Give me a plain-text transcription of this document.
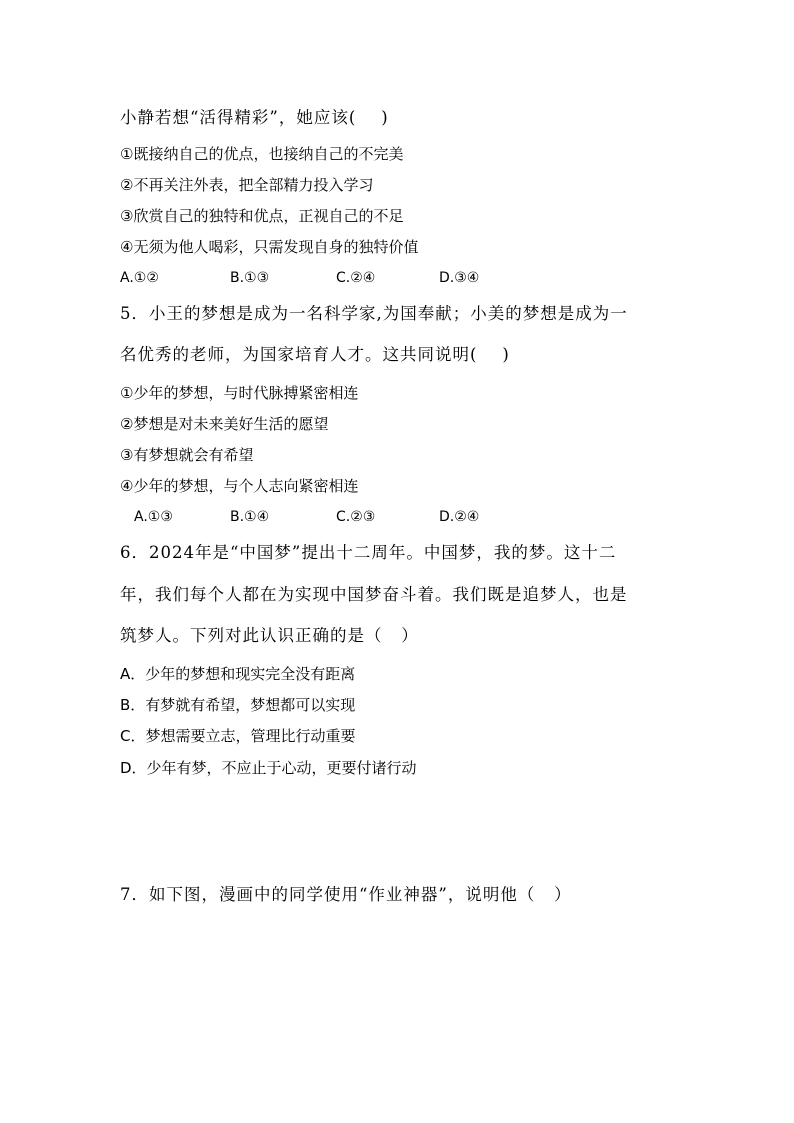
小静若想“活得精彩”，她应该(    )
①既接纳自己的优点，也接纳自己的不完美
②不再关注外表，把全部精力投入学习
③欣赏自己的独特和优点，正视自己的不足
④无须为他人喝彩，只需发现自身的独特价值
A.①②	B.①③	C.②④	D.③④
5．小王的梦想是成为一名科学家,为国奉献；小美的梦想是成为一
名优秀的老师，为国家培育人才。这共同说明(    )
①少年的梦想，与时代脉搏紧密相连
②梦想是对未来美好生活的愿望
③有梦想就会有希望
④少年的梦想，与个人志向紧密相连
A.①③	B.①④	C.②③	D.②④
6．2024年是“中国梦”提出十二周年。中国梦，我的梦。这十二
年，我们每个人都在为实现中国梦奋斗着。我们既是追梦人，也是
筑梦人。下列对此认识正确的是（   ）
A．少年的梦想和现实完全没有距离
B．有梦就有希望，梦想都可以实现
C．梦想需要立志，管理比行动重要
D．少年有梦，不应止于心动，更要付诸行动
7．如下图，漫画中的同学使用“作业神器”，说明他（   ）
